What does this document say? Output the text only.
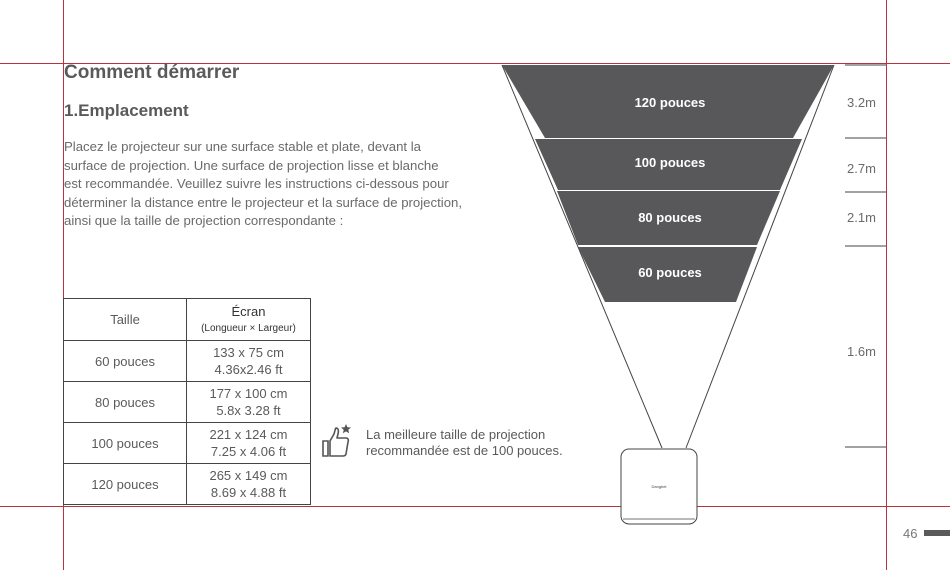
Comment démarrer
1.Emplacement
Placez le projecteur sur une surface stable et plate, devant la
surface de projection. Une surface de projection lisse et blanche
est recommandée. Veuillez suivre les instructions ci-dessous pour
déterminer la distance entre le projecteur et la surface de projection,
ainsi que la taille de projection correspondante :
Taille	Écran
(Longueur × Largeur)

60 pouces	133 x 75 cm
4.36x2.46 ft

80 pouces	177 x 100 cm
5.8x 3.28 ft

100 pouces	221 x 124 cm
7.25 x 4.06 ft

120 pouces	265 x 149 cm
8.69 x 4.88 ft
La meilleure taille de projection
recommandée est de 100 pouces.
120 pouces
100 pouces
80 pouces
60 pouces
Dangbei
3.2m
2.7m
2.1m
1.6m
46
